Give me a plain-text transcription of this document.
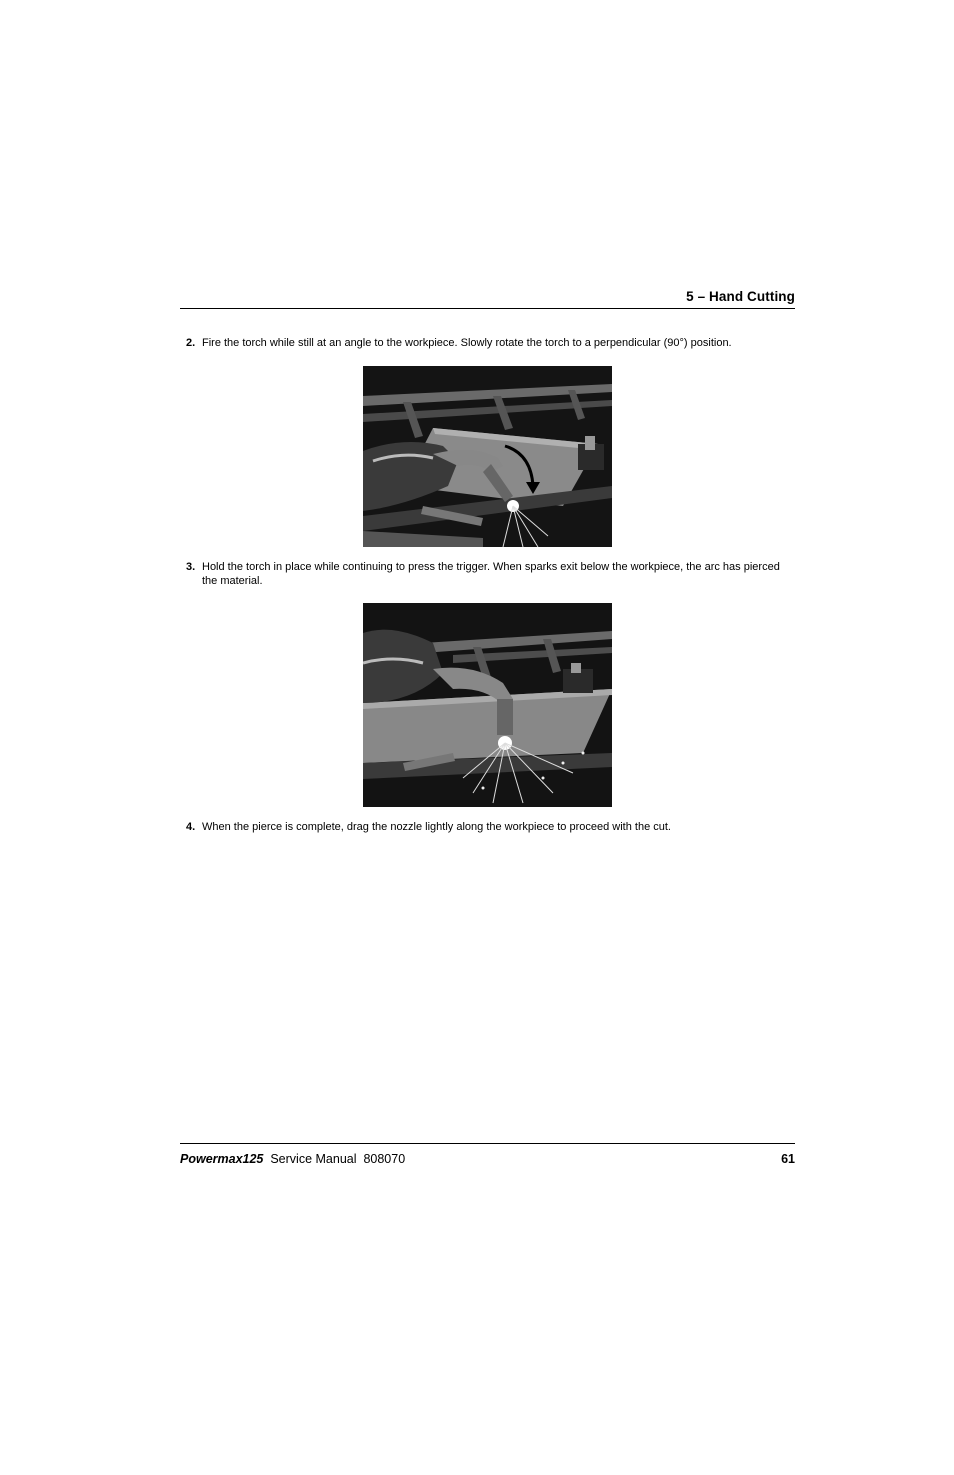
5 – Hand Cutting
2. Fire the torch while still at an angle to the workpiece. Slowly rotate the torch to a perpendicular (90°) position.
3. Hold the torch in place while continuing to press the trigger. When sparks exit below the workpiece, the arc has pierced the material.
4. When the pierce is complete, drag the nozzle lightly along the workpiece to proceed with the cut.
Powermax125 Service Manual 808070	61
